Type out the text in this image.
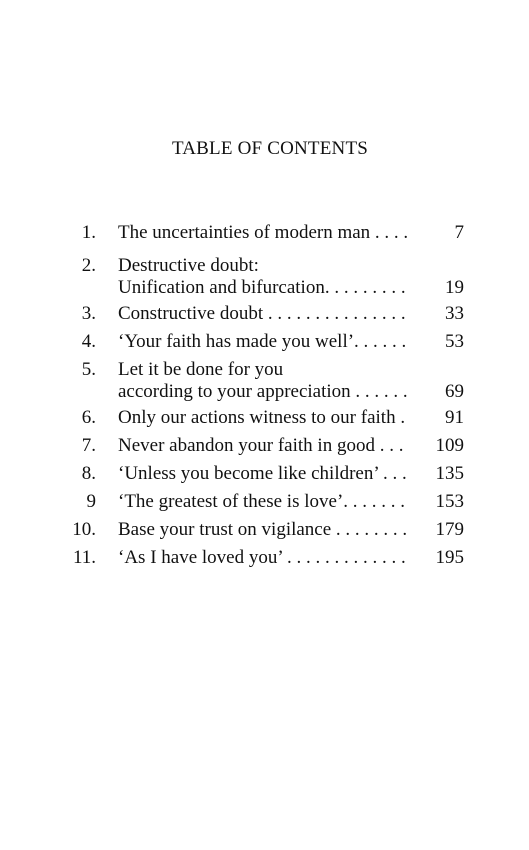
TABLE OF CONTENTS
1. The uncertainties of modern man . . . . 7
2. Destructive doubt:
Unification and bifurcation. . . . . . . . . 19
3. Constructive doubt . . . . . . . . . . . . . . . 33
4. ‘Your faith has made you well’. . . . . . 53
5. Let it be done for you
according to your appreciation . . . . . . 69
6. Only our actions witness to our faith . 91
7. Never abandon your faith in good . . . 109
8. ‘Unless you become like children’ . . . 135
9 ‘The greatest of these is love’. . . . . . . 153
10. Base your trust on vigilance . . . . . . . . 179
11. ‘As I have loved you’ . . . . . . . . . . . . . 195
